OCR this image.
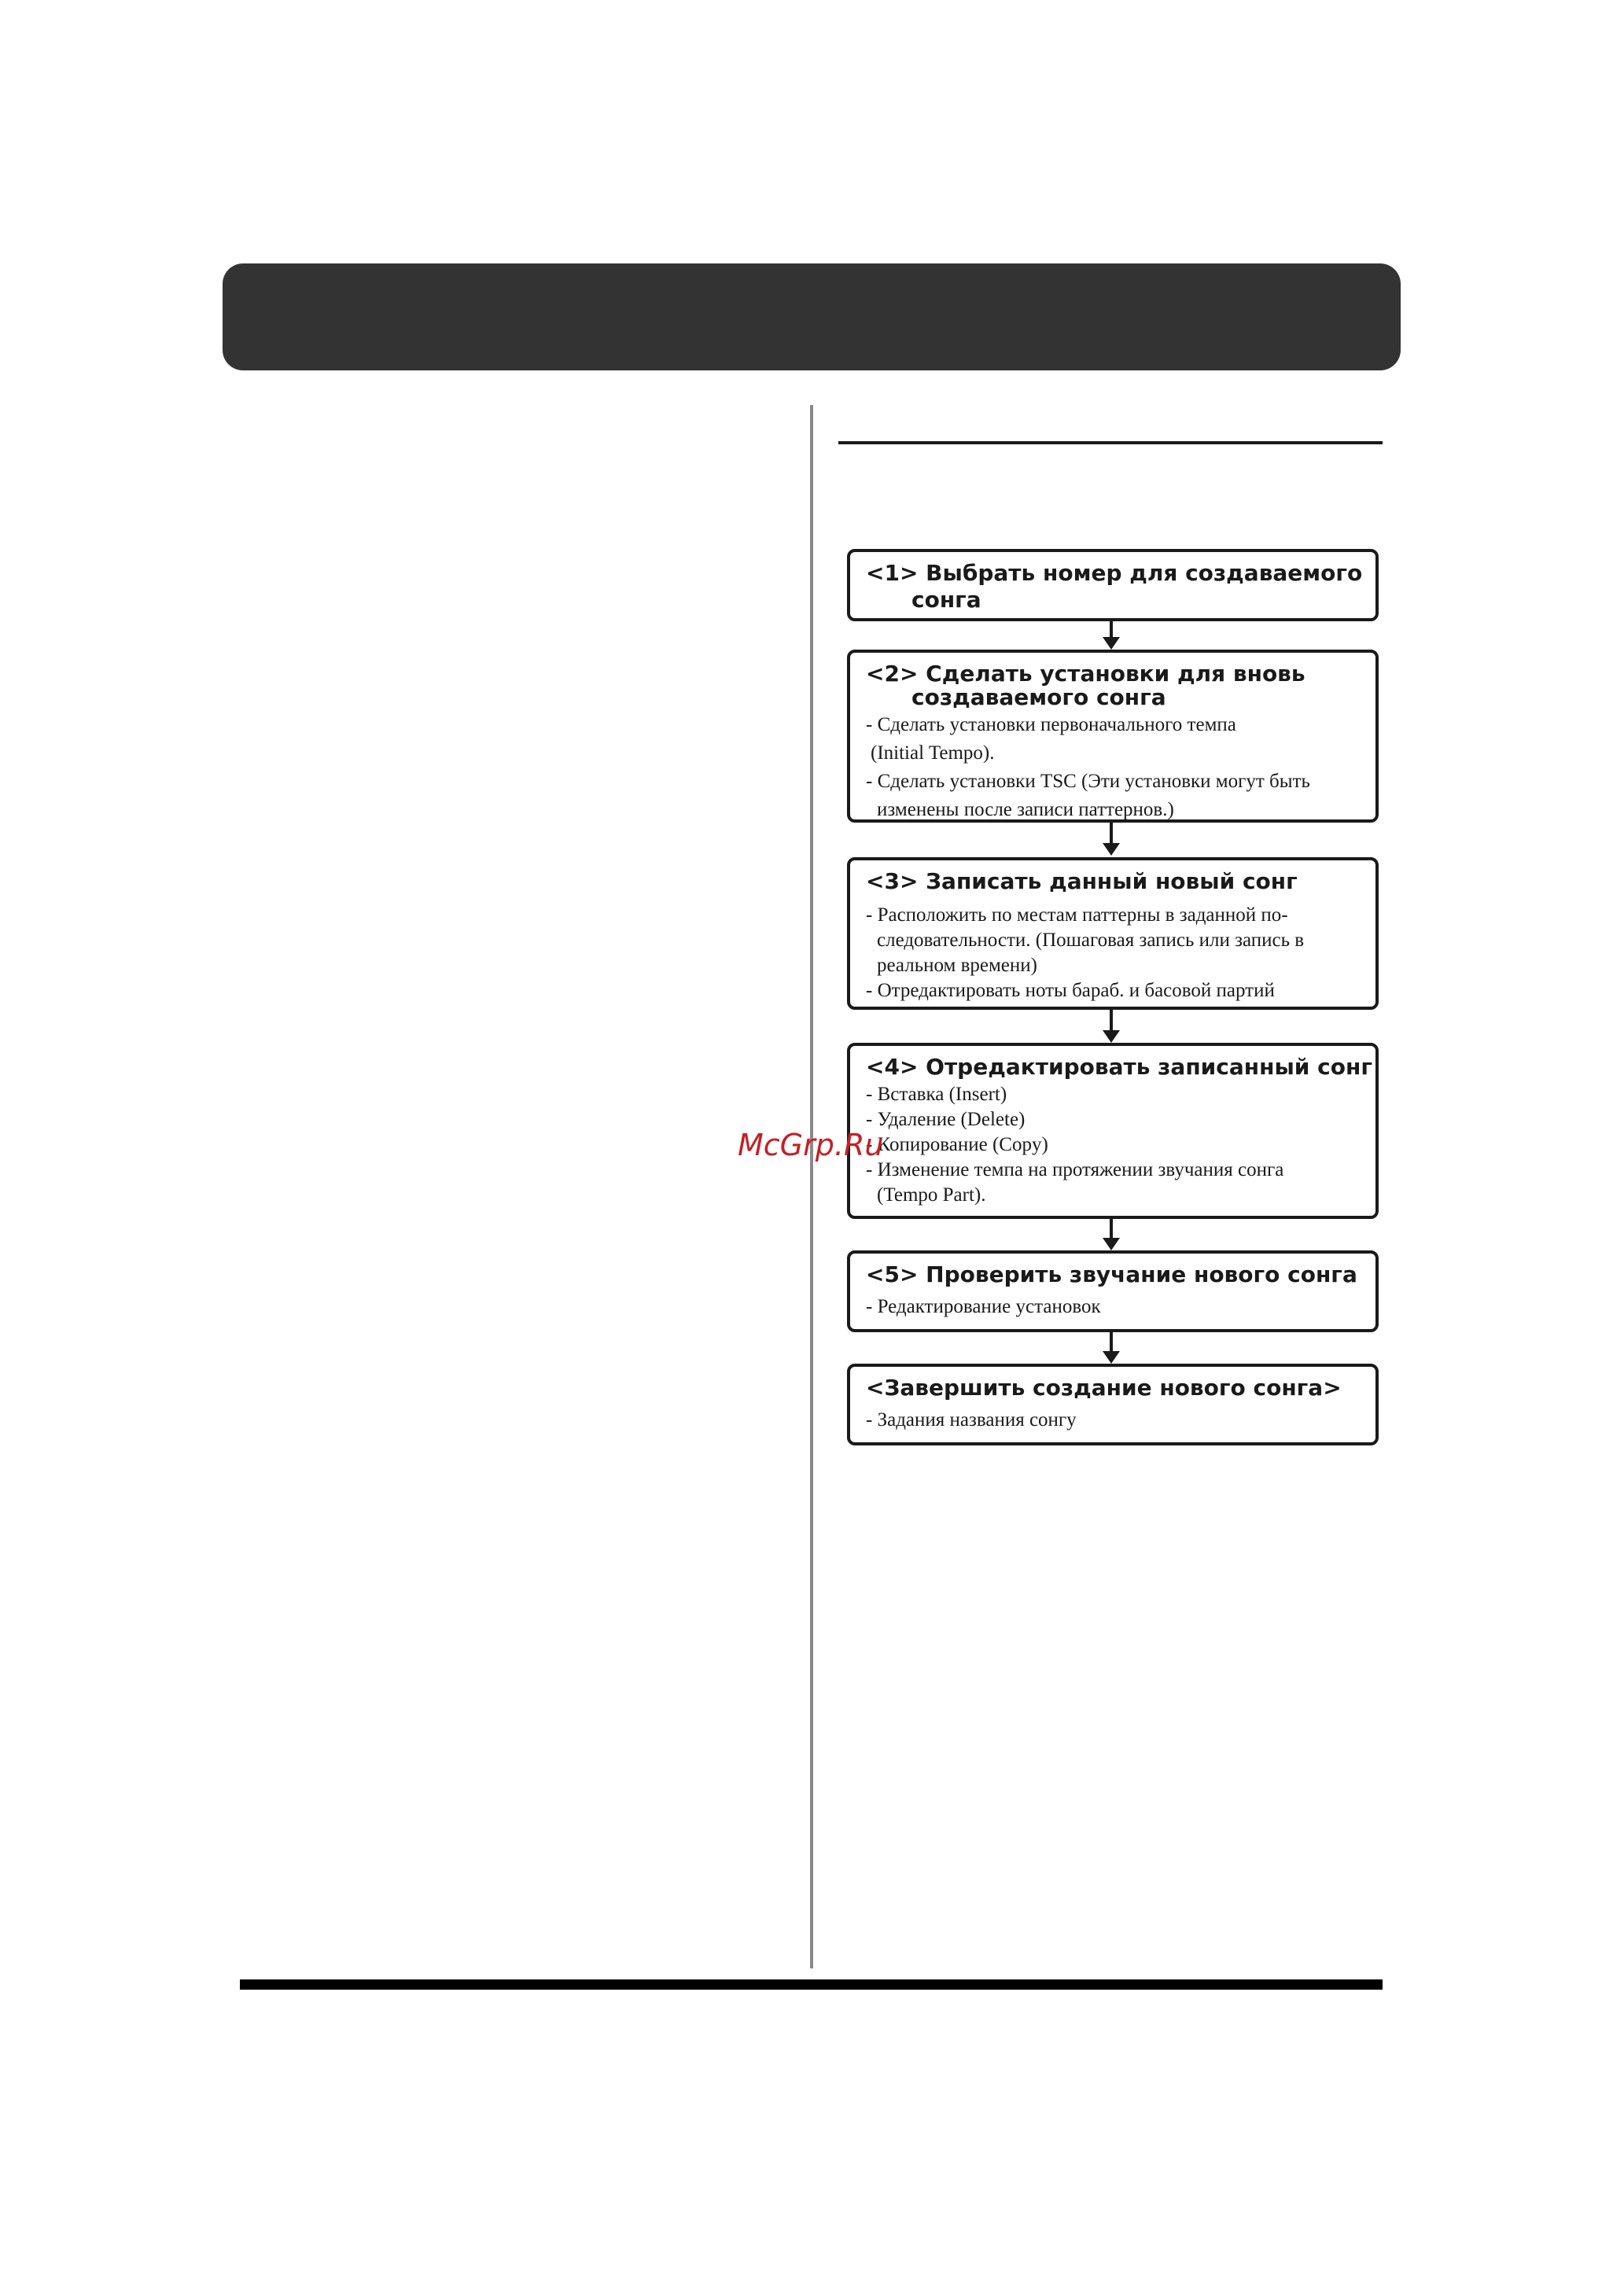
<1> Выбрать номер для создаваемого
сонга
<2> Сделать установки для вновь
создаваемого сонга
- Сделать установки первоначального темпа
(Initial Tempo).
- Сделать установки TSC (Эти установки могут быть
изменены после записи паттернов.)
<3> Записать данный новый сонг
- Расположить по местам паттерны в заданной по-
следовательности. (Пошаговая запись или запись в
реальном времени)
- Отредактировать ноты бараб. и басовой партий
<4> Отредактировать записанный сонг
- Вставка (Insert)
- Удаление (Delete)
- Копирование (Copy)
- Изменение темпа на протяжении звучания сонга
(Tempo Part).
<5> Проверить звучание нового сонга
- Редактирование установок
<Завершить создание нового сонга>
- Задания названия сонгу
McGrp.Ru
